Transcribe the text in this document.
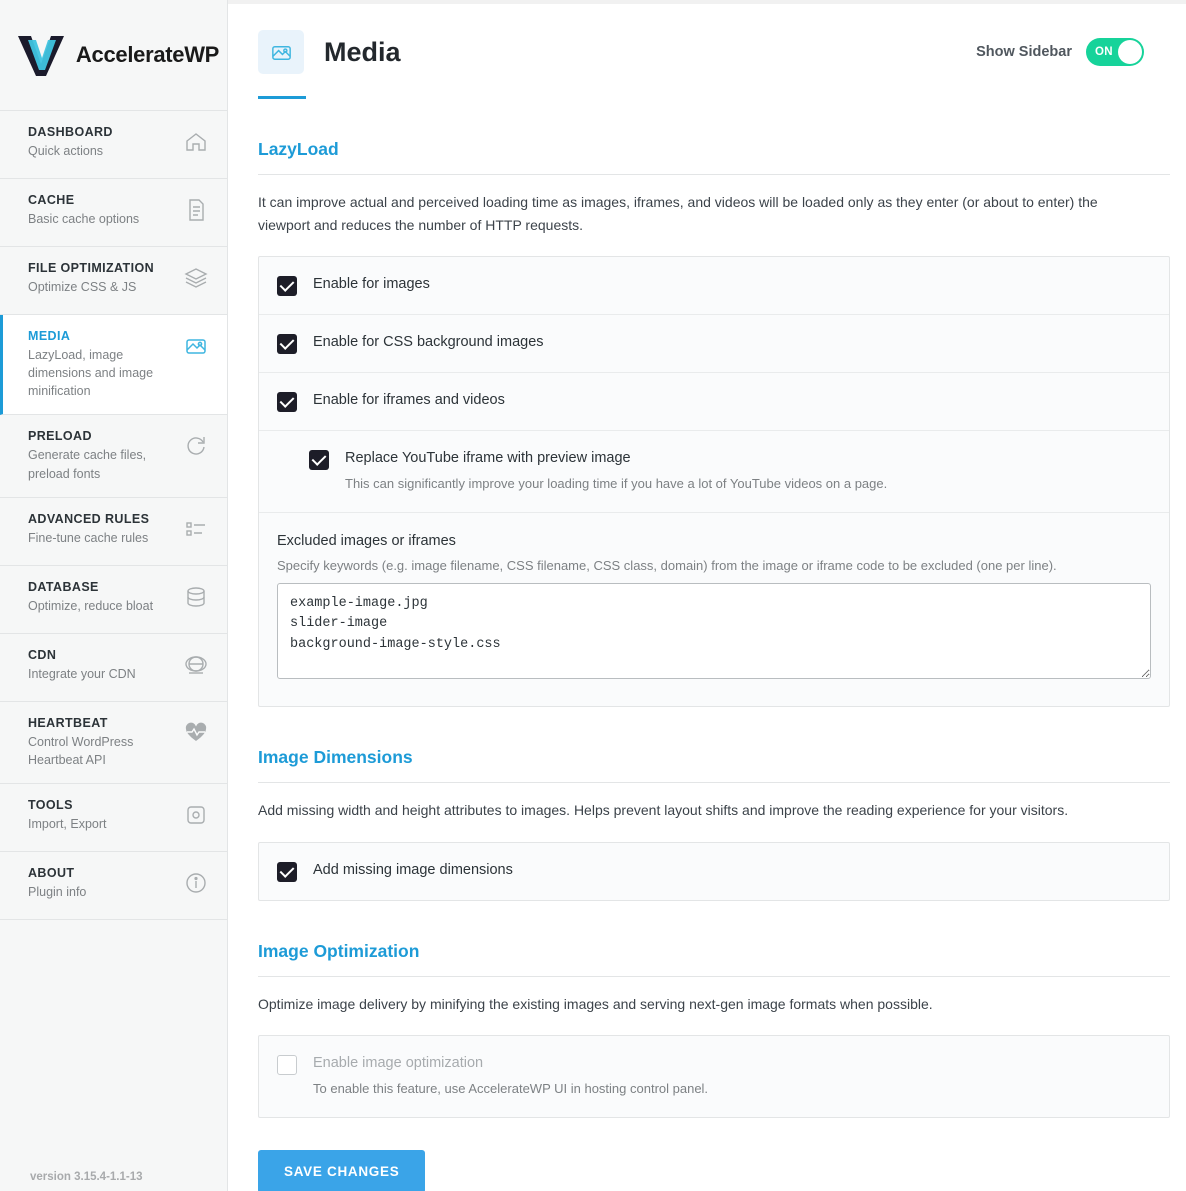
AccelerateWP
DASHBOARD
Quick actions
CACHE
Basic cache options
FILE OPTIMIZATION
Optimize CSS & JS
MEDIA
LazyLoad, image dimensions and image minification
PRELOAD
Generate cache files, preload fonts
ADVANCED RULES
Fine-tune cache rules
DATABASE
Optimize, reduce bloat
CDN
Integrate your CDN
HEARTBEAT
Control WordPress Heartbeat API
TOOLS
Import, Export
ABOUT
Plugin info
version 3.15.4-1.1-13
Media	Show Sidebar ON
LazyLoad

It can improve actual and perceived loading time as images, iframes, and videos will be loaded only as they enter (or about to enter) the viewport and reduces the number of HTTP requests.

Enable for images
Enable for CSS background images
Enable for iframes and videos
Replace YouTube iframe with preview image
This can significantly improve your loading time if you have a lot of YouTube videos on a page.
Excluded images or iframes
Specify keywords (e.g. image filename, CSS filename, CSS class, domain) from the image or iframe code to be excluded (one per line).
example-image.jpg slider-image background-image-style.css
Image Dimensions

Add missing width and height attributes to images. Helps prevent layout shifts and improve the reading experience for your visitors.

Add missing image dimensions
Image Optimization

Optimize image delivery by minifying the existing images and serving next-gen image formats when possible.

Enable image optimization
To enable this feature, use AccelerateWP UI in hosting control panel.
SAVE CHANGES
